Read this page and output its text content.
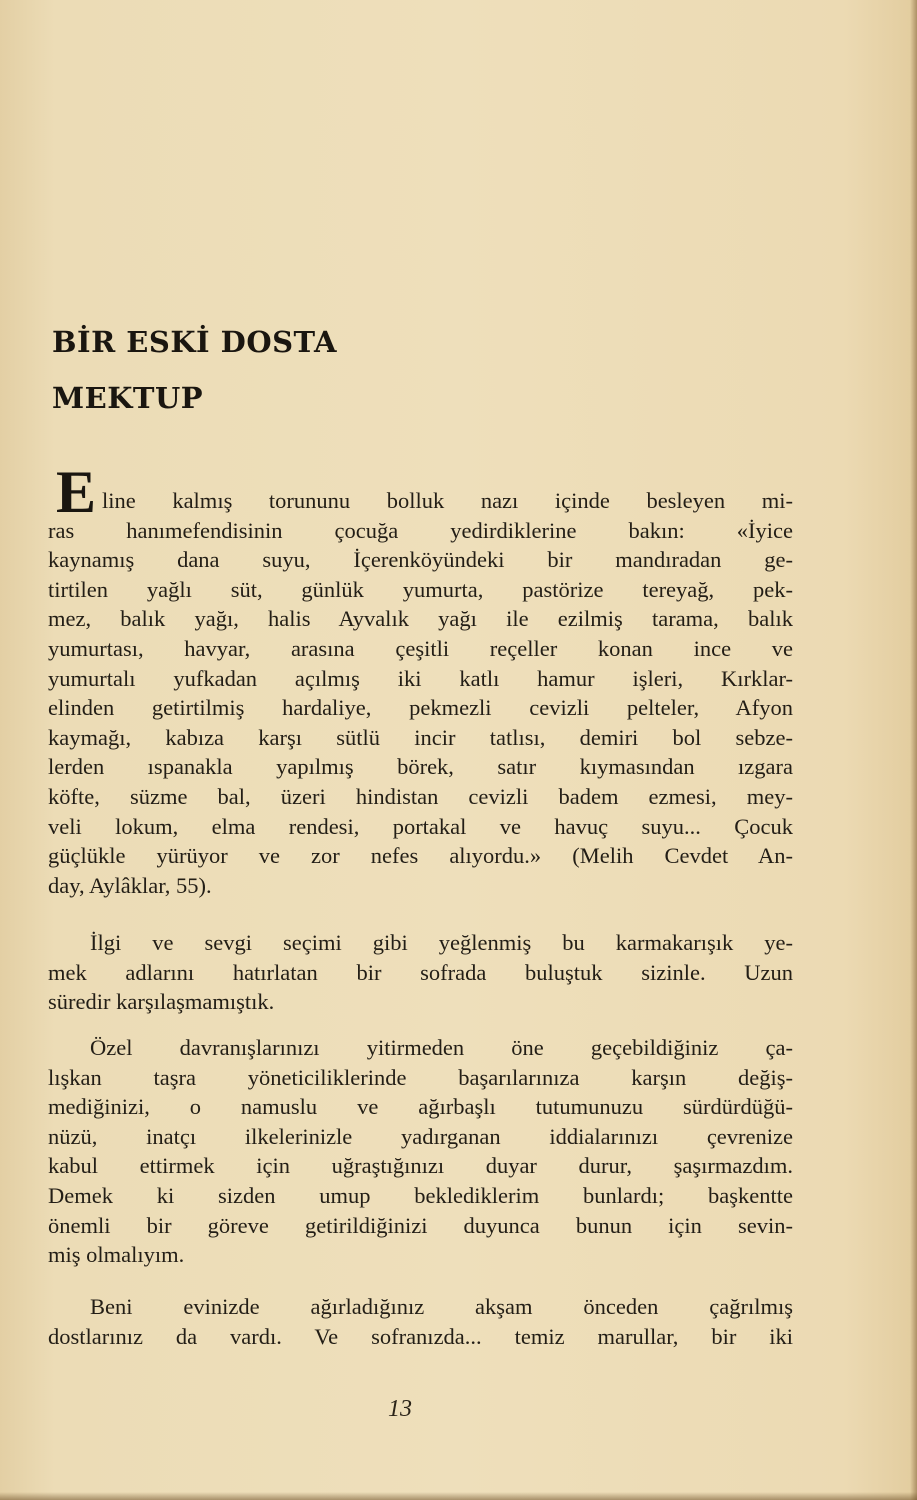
BİR ESKİ DOSTA
MEKTUP
E line kalmış torununu bolluk nazı içinde besleyen mi-
ras hanımefendisinin çocuğa yedirdiklerine bakın: «İyice
kaynamış dana suyu, İçerenköyündeki bir mandıradan ge-
tirtilen yağlı süt, günlük yumurta, pastörize tereyağ, pek-
mez, balık yağı, halis Ayvalık yağı ile ezilmiş tarama, balık
yumurtası, havyar, arasına çeşitli reçeller konan ince ve
yumurtalı yufkadan açılmış iki katlı hamur işleri, Kırklar-
elinden getirtilmiş hardaliye, pekmezli cevizli pelteler, Afyon
kaymağı, kabıza karşı sütlü incir tatlısı, demiri bol sebze-
lerden ıspanakla yapılmış börek, satır kıymasından ızgara
köfte, süzme bal, üzeri hindistan cevizli badem ezmesi, mey-
veli lokum, elma rendesi, portakal ve havuç suyu... Çocuk
güçlükle yürüyor ve zor nefes alıyordu.» (Melih Cevdet An-
day, Aylâklar, 55).
İlgi ve sevgi seçimi gibi yeğlenmiş bu karmakarışık ye-
mek adlarını hatırlatan bir sofrada buluştuk sizinle. Uzun
süredir karşılaşmamıştık.
Özel davranışlarınızı yitirmeden öne geçebildiğiniz ça-
lışkan taşra yöneticiliklerinde başarılarınıza karşın değiş-
mediğinizi, o namuslu ve ağırbaşlı tutumunuzu sürdürdüğü-
nüzü, inatçı ilkelerinizle yadırganan iddialarınızı çevrenize
kabul ettirmek için uğraştığınızı duyar durur, şaşırmazdım.
Demek ki sizden umup beklediklerim bunlardı; başkentte
önemli bir göreve getirildiğinizi duyunca bunun için sevin-
miş olmalıyım.
Beni evinizde ağırladığınız akşam önceden çağrılmış
dostlarınız da vardı. Ve sofranızda... temiz marullar, bir iki
13
